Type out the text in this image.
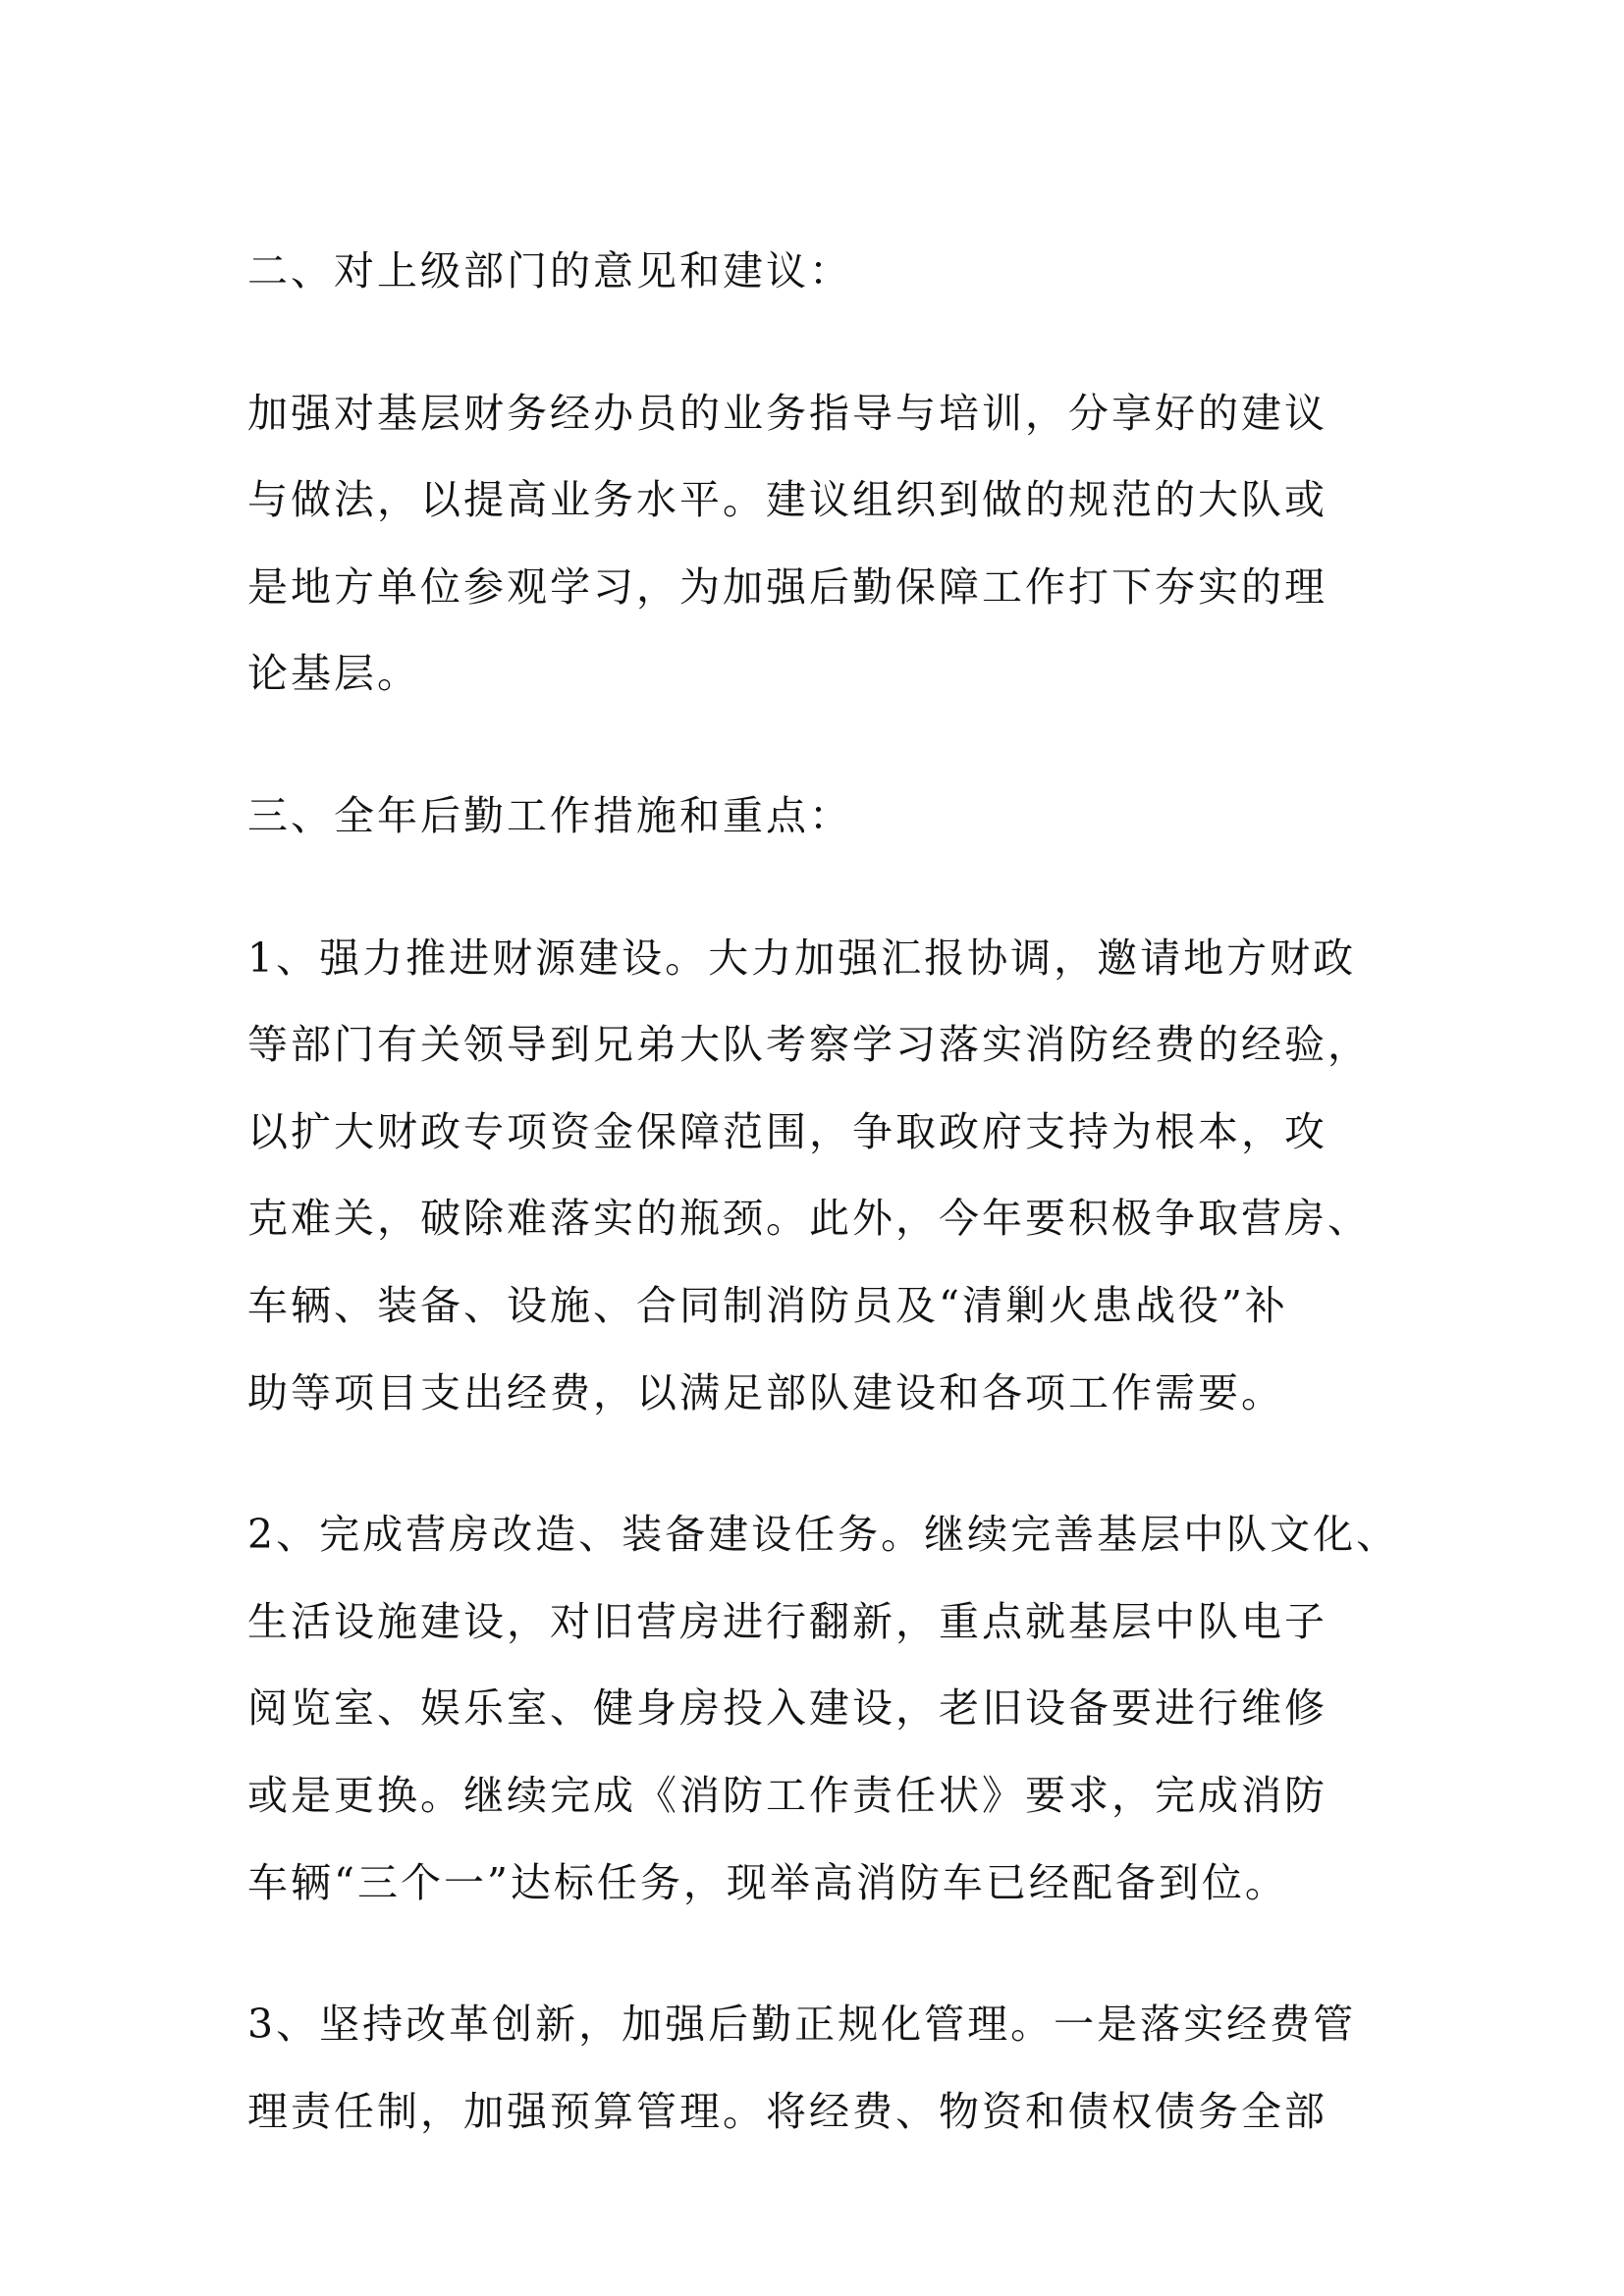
二、对上级部门的意见和建议：
加强对基层财务经办员的业务指导与培训，分享好的建议
与做法，以提高业务水平。建议组织到做的规范的大队或
是地方单位参观学习，为加强后勤保障工作打下夯实的理
论基层。
三、全年后勤工作措施和重点：
1、强力推进财源建设。大力加强汇报协调，邀请地方财政
等部门有关领导到兄弟大队考察学习落实消防经费的经验，
以扩大财政专项资金保障范围，争取政府支持为根本，攻
克难关，破除难落实的瓶颈。此外，今年要积极争取营房、
车辆、装备、设施、合同制消防员及“清剿火患战役”补
助等项目支出经费，以满足部队建设和各项工作需要。
2、完成营房改造、装备建设任务。继续完善基层中队文化、
生活设施建设，对旧营房进行翻新，重点就基层中队电子
阅览室、娱乐室、健身房投入建设，老旧设备要进行维修
或是更换。继续完成《消防工作责任状》要求，完成消防
车辆“三个一”达标任务，现举高消防车已经配备到位。
3、坚持改革创新，加强后勤正规化管理。一是落实经费管
理责任制，加强预算管理。将经费、物资和债权债务全部
